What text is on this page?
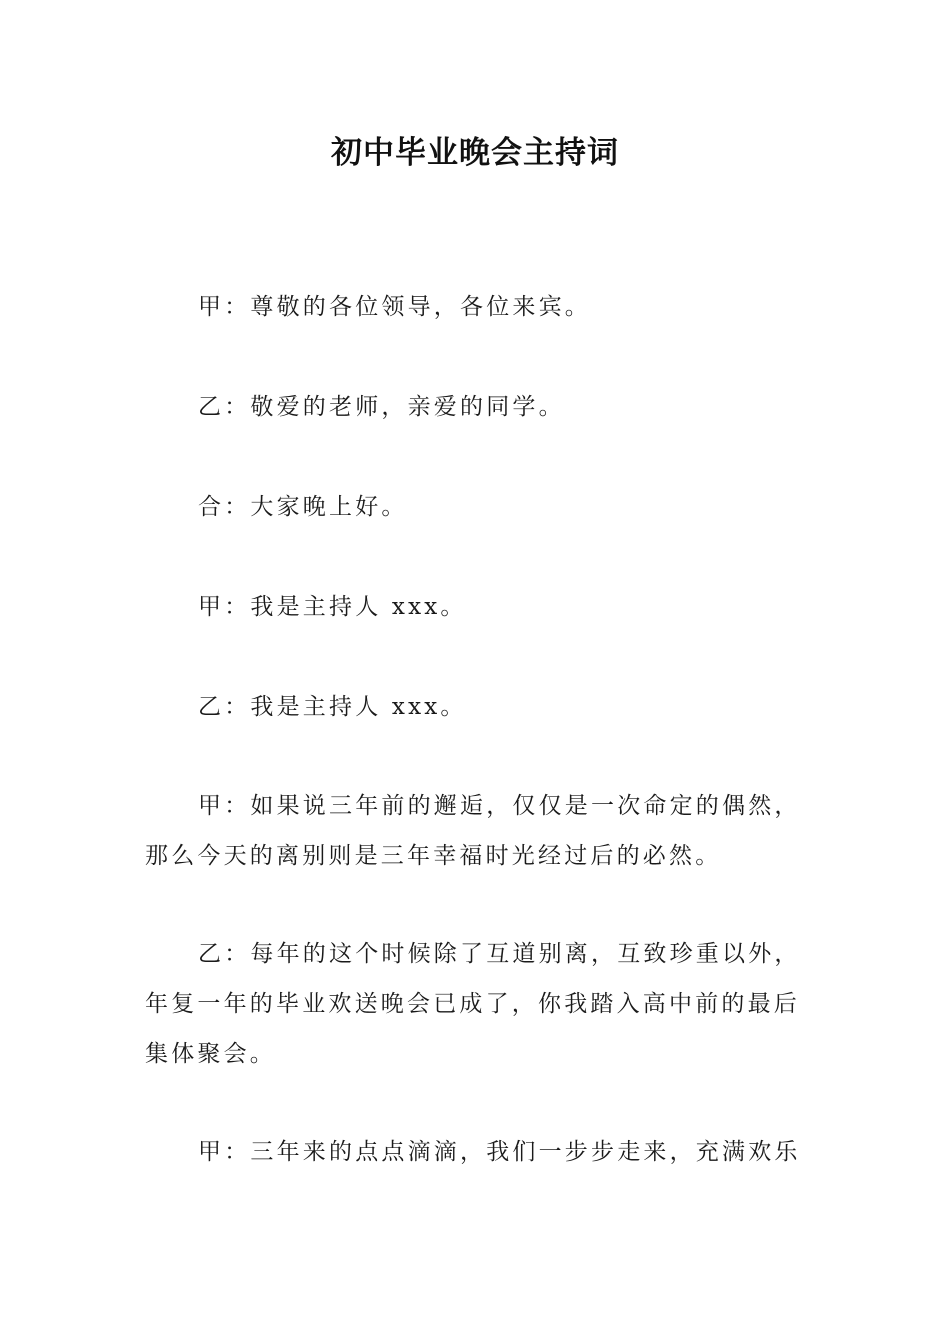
初中毕业晚会主持词
甲：尊敬的各位领导，各位来宾。
乙：敬爱的老师，亲爱的同学。
合：大家晚上好。
甲：我是主持人 xxx。
乙：我是主持人 xxx。
甲：如果说三年前的邂逅，仅仅是一次命定的偶然，那么今天的离别则是三年幸福时光经过后的必然。
乙：每年的这个时候除了互道别离，互致珍重以外，年复一年的毕业欢送晚会已成了，你我踏入高中前的最后集体聚会。
甲：三年来的点点滴滴，我们一步步走来，充满欢乐
